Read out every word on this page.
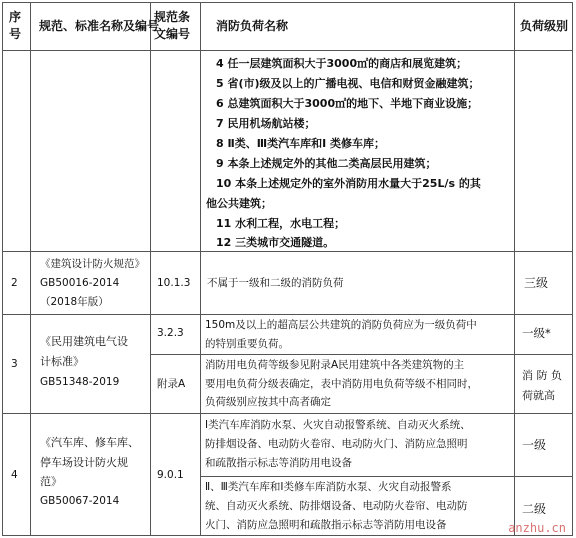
序
号
规范、标准名称及编号
规范条
文编号
消防负荷名称	负荷级别
4 任一层建筑面积大于3000㎡的商店和展览建筑；
5 省(市)级及以上的广播电视、电信和财贸金融建筑；
6 总建筑面积大于3000㎡的地下、半地下商业设施；
7 民用机场航站楼；
8 Ⅱ类、Ⅲ类汽车库和Ⅰ 类修车库；
9 本条上述规定外的其他二类高层民用建筑；
10 本条上述规定外的室外消防用水量大于25L/s 的其
他公共建筑；
11 水利工程，水电工程；
12 三类城市交通隧道。
2
《建筑设计防火规范》
GB50016-2014
（2018年版）
10.1.3 不属于一级和二级的消防负荷	三级
3
《民用建筑电气设
计标准》
GB51348-2019
3.2.3
150m及以上的超高层公共建筑的消防负荷应为一级负荷中
的特别重要负荷。
一级*
附录A
消防用电负荷等级参见附录A民用建筑中各类建筑物的主
要用电负荷分级表确定，表中消防用电负荷等级不相同时，
负荷级别应按其中高者确定
消 防 负
荷就高
4
《汽车库、修车库、
停车场设计防火规
范》
GB50067-2014
9.0.1
Ⅰ类汽车库消防水泵、火灾自动报警系统、自动灭火系统、
防排烟设备、电动防火卷帘、电动防火门、消防应急照明
和疏散指示标志等消防用电设备
一级
Ⅱ、Ⅲ类汽车库和Ⅰ类修车库消防水泵、火灾自动报警系
统、自动灭火系统、防排烟设备、电动防火卷帘、电动防
火门、消防应急照明和疏散指示标志等消防用电设备
二级
anzhu.cn
